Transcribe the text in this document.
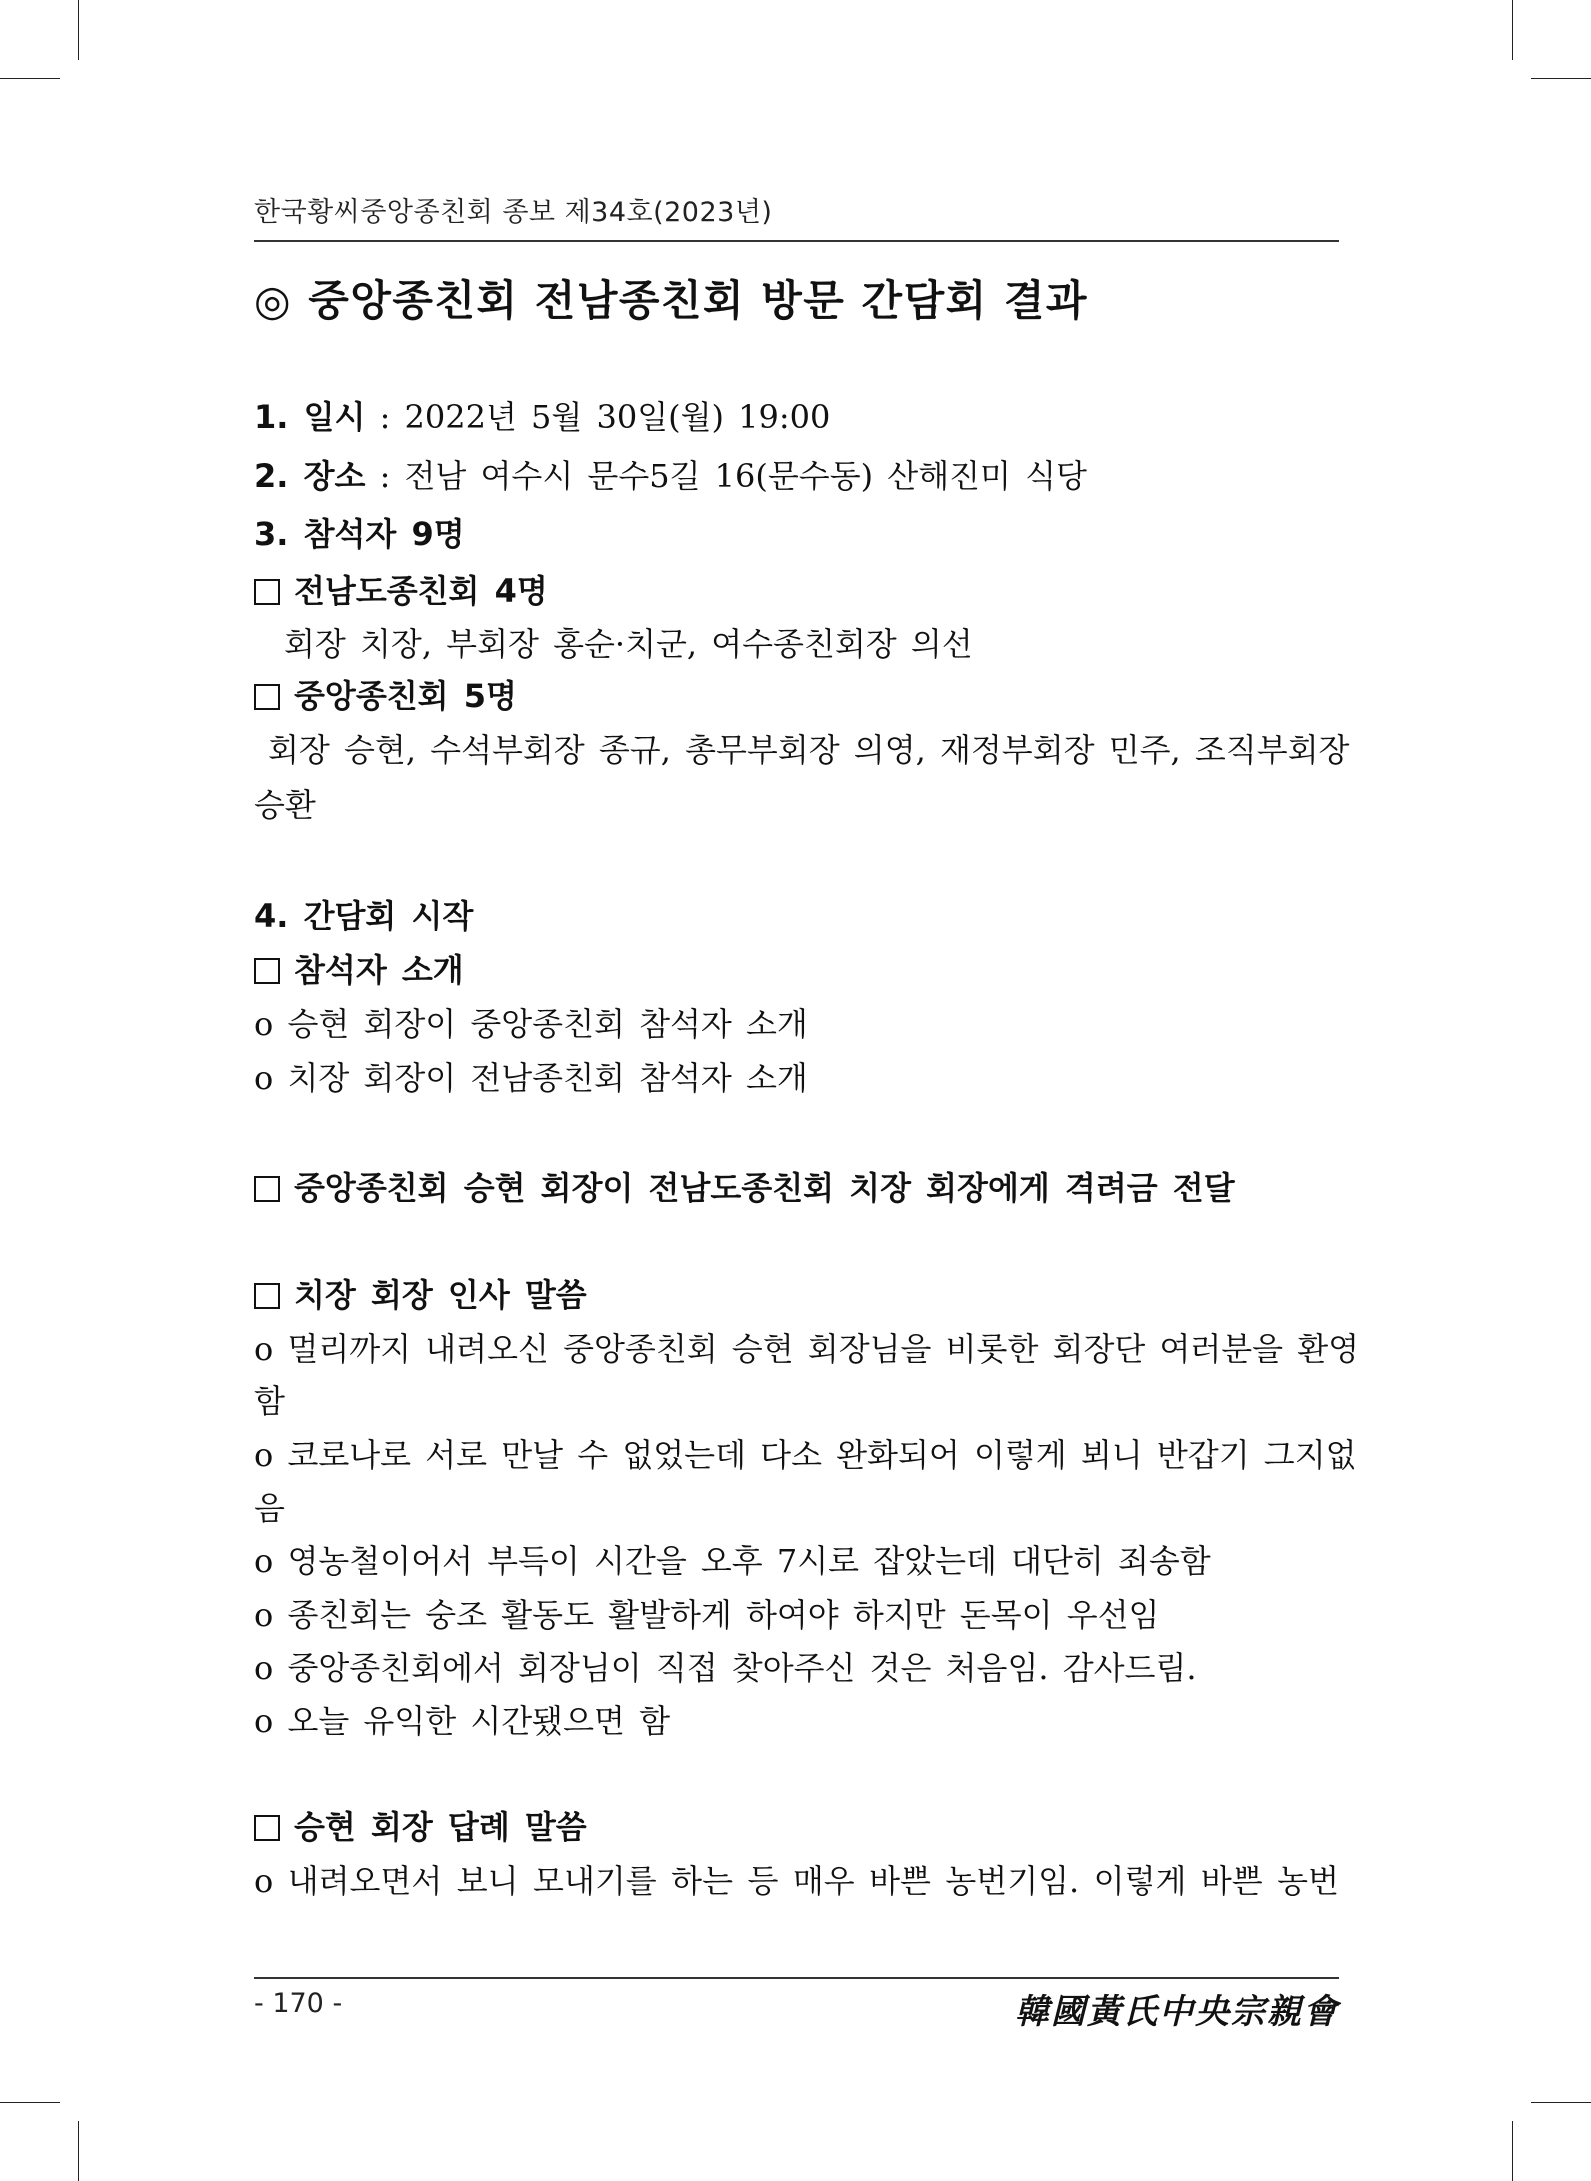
한국황씨중앙종친회 종보 제34호(2023년)
◎ 중앙종친회 전남종친회 방문 간담회 결과
1. 일시 : 2022년 5월 30일(월) 19:00
2. 장소 : 전남 여수시 문수5길 16(문수동) 산해진미 식당
3. 참석자 9명
전남도종친회 4명
회장 치장, 부회장 홍순·치군, 여수종친회장 의선
중앙종친회 5명
회장 승현, 수석부회장 종규, 총무부회장 의영, 재정부회장 민주, 조직부회장
승환
4. 간담회 시작
참석자 소개
o 승현 회장이 중앙종친회 참석자 소개
o 치장 회장이 전남종친회 참석자 소개
중앙종친회 승현 회장이 전남도종친회 치장 회장에게 격려금 전달
치장 회장 인사 말씀
o 멀리까지 내려오신 중앙종친회 승현 회장님을 비롯한 회장단 여러분을 환영
함
o 코로나로 서로 만날 수 없었는데 다소 완화되어 이렇게 뵈니 반갑기 그지없
음
o 영농철이어서 부득이 시간을 오후 7시로 잡았는데 대단히 죄송함
o 종친회는 숭조 활동도 활발하게 하여야 하지만 돈목이 우선임
o 중앙종친회에서 회장님이 직접 찾아주신 것은 처음임. 감사드림.
o 오늘 유익한 시간됐으면 함
승현 회장 답례 말씀
o 내려오면서 보니 모내기를 하는 등 매우 바쁜 농번기임. 이렇게 바쁜 농번
- 170 -	韓國黃氏中央宗親會
